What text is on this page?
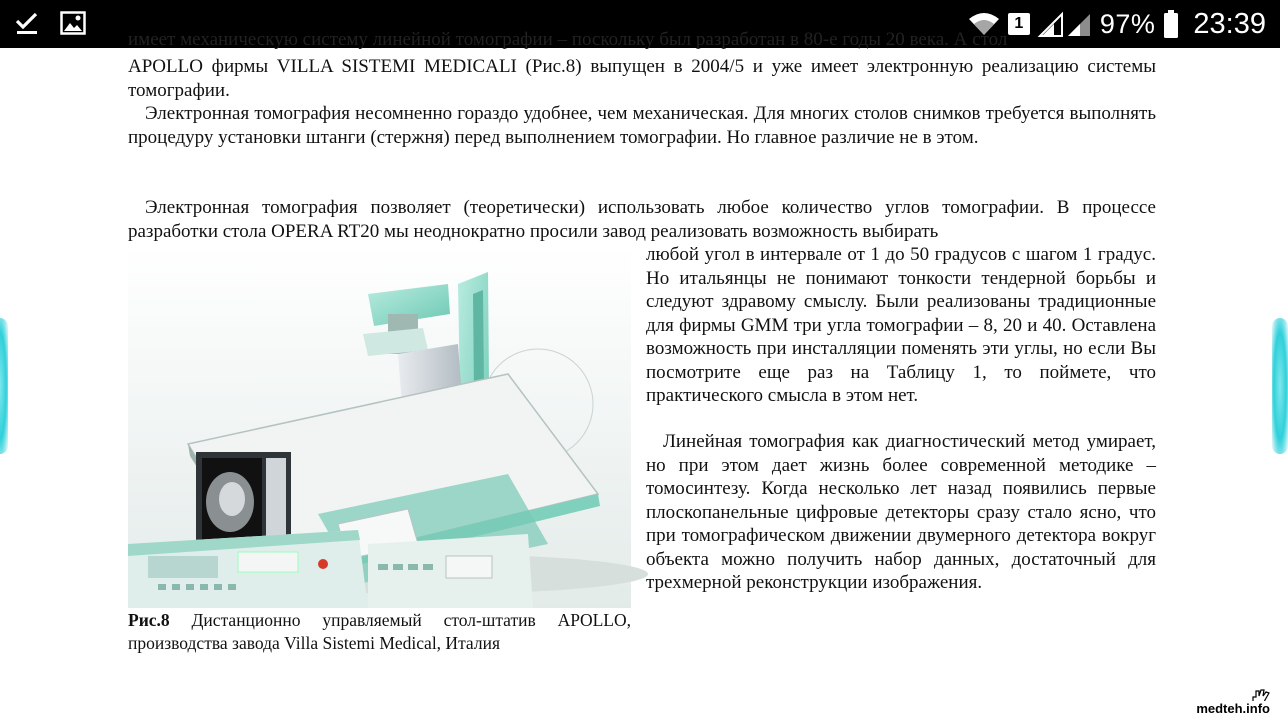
1	97% 23:39
имеет механическую систему линейной томографии – поскольку был разработан в 80-е годы 20 века. А стол
APOLLO фирмы VILLA SISTEMI MEDICALI (Рис.8) выпущен в 2004/5 и уже имеет электронную реализацию системы томографии.
Электронная томография несомненно гораздо удобнее, чем механическая. Для многих столов снимков требуется выполнять процедуру установки штанги (стержня) перед выполнением томографии. Но главное различие не в этом.
Электронная томография позволяет (теоретически) использовать любое количество углов томографии. В процессе разработки стола OPERA RT20 мы неоднократно просили завод реализовать возможность выбирать
любой угол в интервале от 1 до 50 градусов с шагом 1 градус. Но итальянцы не понимают тонкости тендерной борьбы и следуют здравому смыслу. Были реализованы традиционные для фирмы GMM три угла томографии – 8, 20 и 40. Оставлена возможность при инсталляции поменять эти углы, но если Вы посмотрите еще раз на Таблицу 1, то поймете, что практического смысла в этом нет.
Линейная томография как диагностический метод умирает, но при этом дает жизнь более современной методике – томосинтезу. Когда несколько лет назад появились первые плоскопанельные цифровые детекторы сразу стало ясно, что при томографическом движении двумерного детектора вокруг объекта можно получить набор данных, достаточный для трехмерной реконструкции изображения.
Рис.8 Дистанционно управляемый стол-штатив APOLLO, производства завода Villa Sistemi Medical, Италия
medteh.info
